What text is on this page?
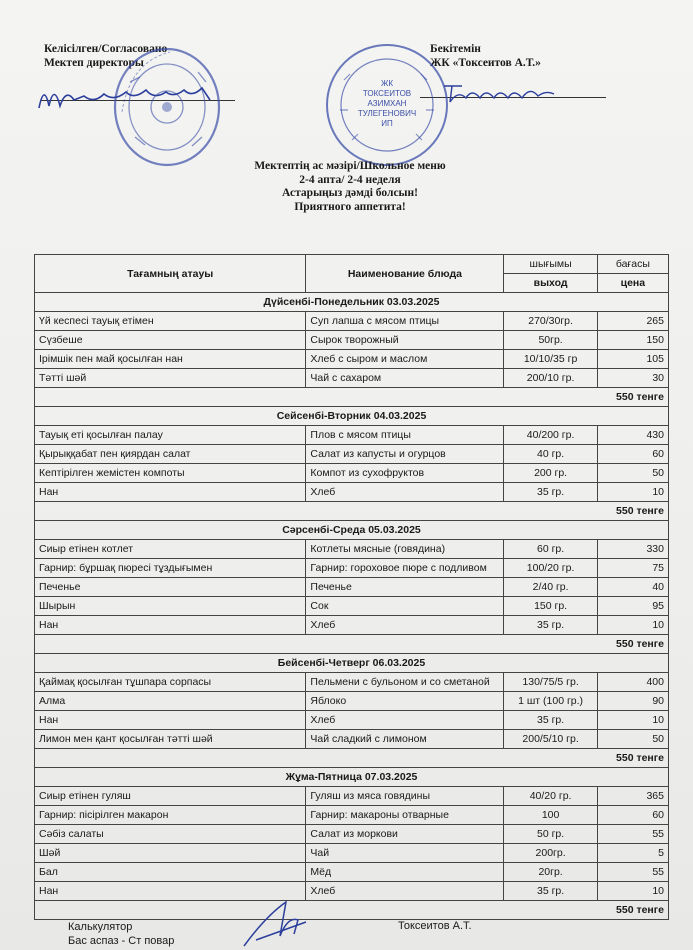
Келісілген/Согласовано
Мектеп директоры
Бекітемін
ЖК «Токсеитов А.Т.»
ЖК
ТОКСЕИТОВ
АЗИМХАН
ТУЛЕГЕНОВИЧ
ИП
Мектептің ас мәзірі/Школьное меню
2-4 апта/ 2-4 неделя
Астарыңыз дәмді болсын!
Приятного аппетита!
Тағамның атауы	Наименование блюда	шығымы	бағасы
		выход	цена
Дүйсенбі-Понедельник 03.03.2025			
Үй кеспесі тауық етімен	Суп лапша с мясом птицы	270/30гр.	265
Сүзбеше	Сырок творожный	50гр.	150
Ірімшік пен май қосылған нан	Хлеб с сыром и маслом	10/10/35 гр	105
Тәтті шәй	Чай с сахаром	200/10 гр.	30
550 тенге			
Сейсенбі-Вторник 04.03.2025			
Тауық еті қосылған палау	Плов с мясом птицы	40/200 гр.	430
Қырыққабат пен қиярдан салат	Салат из капусты и огурцов	40 гр.	60
Кептірілген жемістен компоты	Компот из сухофруктов	200 гр.	50
Нан	Хлеб	35 гр.	10
550 тенге			
Сәрсенбі-Среда 05.03.2025			
Сиыр етінен котлет	Котлеты мясные (говядина)	60 гр.	330
Гарнир: бұршақ пюресі тұздығымен	Гарнир: гороховое пюре с подливом	100/20 гр.	75
Печенье	Печенье	2/40 гр.	40
Шырын	Сок	150 гр.	95
Нан	Хлеб	35 гр.	10
550 тенге			
Бейсенбі-Четверг 06.03.2025			
Қаймақ қосылған тұшпара сорпасы	Пельмени с бульоном и со сметаной	130/75/5 гр.	400
Алма	Яблоко	1 шт (100 гр.)	90
Нан	Хлеб	35 гр.	10
Лимон мен қант қосылған тәтті шәй	Чай сладкий с лимоном	200/5/10 гр.	50
550 тенге			
Жұма-Пятница 07.03.2025			
Сиыр етінен гуляш	Гуляш из мяса говядины	40/20 гр.	365
Гарнир: пісірілген макарон	Гарнир: макароны отварные	100	60
Сәбіз салаты	Салат из моркови	50 гр.	55
Шәй	Чай	200гр.	5
Бал	Мёд	20гр.	55
Нан	Хлеб	35 гр.	10
550 тенге			
Калькулятор
Бас аспаз - Ст повар
Токсеитов А.Т.
